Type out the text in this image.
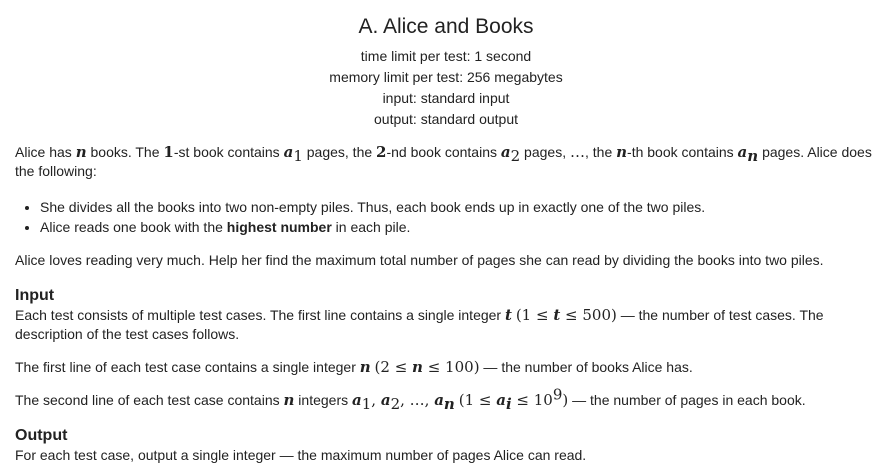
A. Alice and Books
time limit per test: 1 second
memory limit per test: 256 megabytes
input: standard input
output: standard output

Alice has n books. The 1-st book contains $a_1$ pages, the 2-nd book contains $a_2$ pages, …, the n-th book contains $a_n$ pages. Alice does the following:

• She divides all the books into two non-empty piles. Thus, each book ends up in exactly one of the two piles.
• Alice reads one book with the highest number in each pile.

Alice loves reading very much. Help her find the maximum total number of pages she can read by dividing the books into two piles.

Input

Each test consists of multiple test cases. The first line contains a single integer t (1 ≤ t ≤ 500) — the number of test cases. The description of the test cases follows.

The first line of each test case contains a single integer n (2 ≤ n ≤ 100) — the number of books Alice has.

The second line of each test case contains n integers $a_1$, $a_2$, …, $a_n$ $(1 \le a_i \le 10^9)$ — the number of pages in each book.

Output

For each test case, output a single integer — the maximum number of pages Alice can read.
